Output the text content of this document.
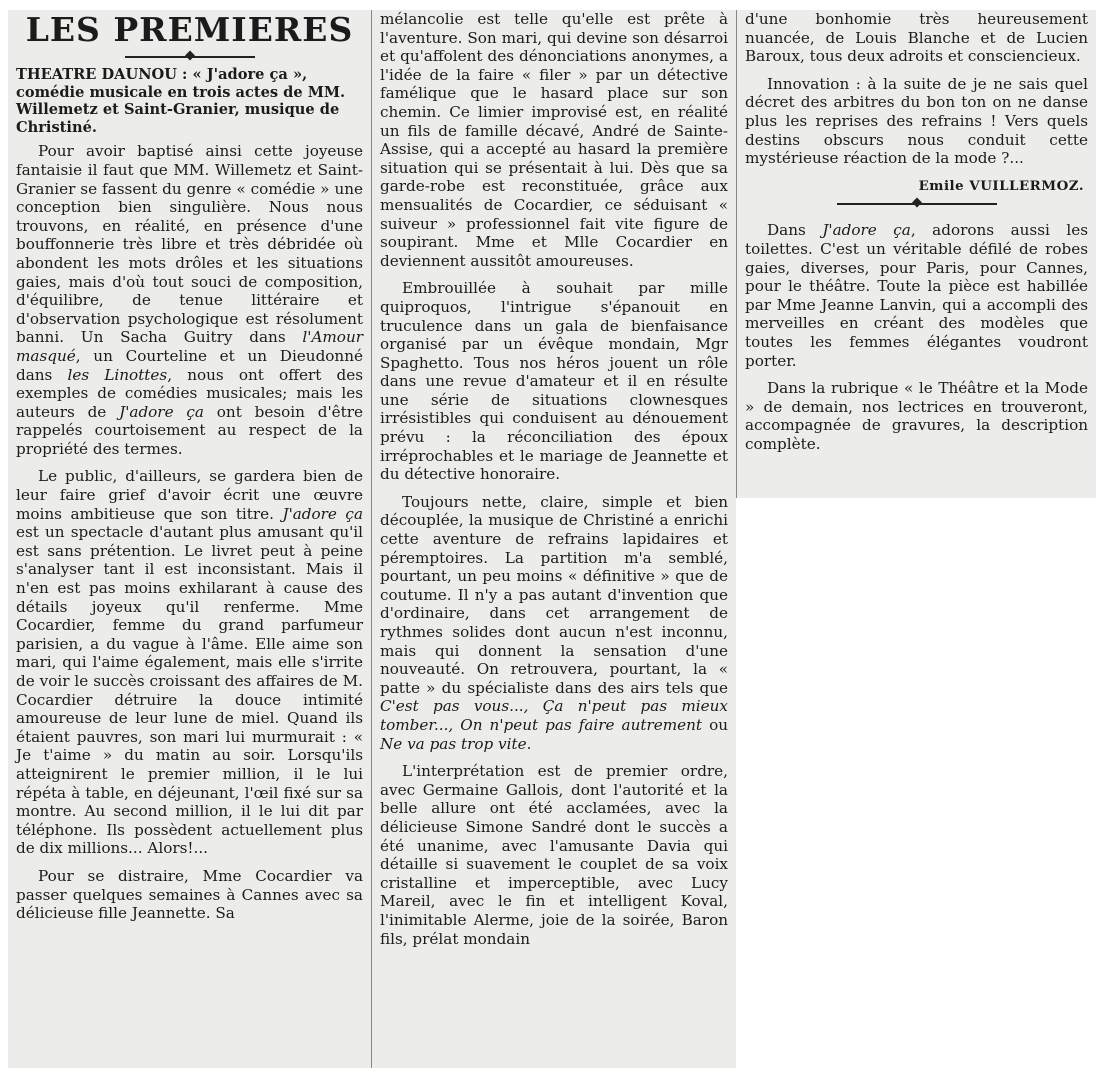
LES PREMIERES
THEATRE DAUNOU : « J'adore ça », comédie musicale en trois actes de MM. Willemetz et Saint-Granier, musique de Christiné.

Pour avoir baptisé ainsi cette joyeuse fantaisie il faut que MM. Willemetz et Saint-Granier se fassent du genre « comédie » une conception bien singulière. Nous nous trouvons, en réalité, en présence d'une bouffonnerie très libre et très débridée où abondent les mots drôles et les situations gaies, mais d'où tout souci de composition, d'équilibre, de tenue littéraire et d'observation psychologique est résolument banni. Un Sacha Guitry dans l'Amour masqué, un Courteline et un Dieudonné dans les Linottes, nous ont offert des exemples de comédies musicales; mais les auteurs de J'adore ça ont besoin d'être rappelés courtoisement au respect de la propriété des termes.

Le public, d'ailleurs, se gardera bien de leur faire grief d'avoir écrit une œuvre moins ambitieuse que son titre. J'adore ça est un spectacle d'autant plus amusant qu'il est sans prétention. Le livret peut à peine s'analyser tant il est inconsistant. Mais il n'en est pas moins exhilarant à cause des détails joyeux qu'il renferme. Mme Cocardier, femme du grand parfumeur parisien, a du vague à l'âme. Elle aime son mari, qui l'aime également, mais elle s'irrite de voir le succès croissant des affaires de M. Cocardier détruire la douce intimité amoureuse de leur lune de miel. Quand ils étaient pauvres, son mari lui murmurait : « Je t'aime » du matin au soir. Lorsqu'ils atteignirent le premier million, il le lui répéta à table, en déjeunant, l'œil fixé sur sa montre. Au second million, il le lui dit par téléphone. Ils possèdent actuellement plus de dix millions... Alors!...

Pour se distraire, Mme Cocardier va passer quelques semaines à Cannes avec sa délicieuse fille Jeannette. Sa

mélancolie est telle qu'elle est prête à l'aventure. Son mari, qui devine son désarroi et qu'affolent des dénonciations anonymes, a l'idée de la faire « filer » par un détective famélique que le hasard place sur son chemin. Ce limier improvisé est, en réalité un fils de famille décavé, André de Sainte-Assise, qui a accepté au hasard la première situation qui se présentait à lui. Dès que sa garde-robe est reconstituée, grâce aux mensualités de Cocardier, ce séduisant « suiveur » professionnel fait vite figure de soupirant. Mme et Mlle Cocardier en deviennent aussitôt amoureuses.

Embrouillée à souhait par mille quiproquos, l'intrigue s'épanouit en truculence dans un gala de bienfaisance organisé par un évêque mondain, Mgr Spaghetto. Tous nos héros jouent un rôle dans une revue d'amateur et il en résulte une série de situations clownesques irrésistibles qui conduisent au dénouement prévu : la réconciliation des époux irréprochables et le mariage de Jeannette et du détective honoraire.

Toujours nette, claire, simple et bien découplée, la musique de Christiné a enrichi cette aventure de refrains lapidaires et péremptoires. La partition m'a semblé, pourtant, un peu moins « définitive » que de coutume. Il n'y a pas autant d'invention que d'ordinaire, dans cet arrangement de rythmes solides dont aucun n'est inconnu, mais qui donnent la sensation d'une nouveauté. On retrouvera, pourtant, la « patte » du spécialiste dans des airs tels que C'est pas vous..., Ça n'peut pas mieux tomber..., On n'peut pas faire autrement ou Ne va pas trop vite.

L'interprétation est de premier ordre, avec Germaine Gallois, dont l'autorité et la belle allure ont été acclamées, avec la délicieuse Simone Sandré dont le succès a été unanime, avec l'amusante Davia qui détaille si suavement le couplet de sa voix cristalline et imperceptible, avec Lucy Mareil, avec le fin et intelligent Koval, l'inimitable Alerme, joie de la soirée, Baron fils, prélat mondain

d'une bonhomie très heureusement nuancée, de Louis Blanche et de Lucien Baroux, tous deux adroits et consciencieux.

Innovation : à la suite de je ne sais quel décret des arbitres du bon ton on ne danse plus les reprises des refrains ! Vers quels destins obscurs nous conduit cette mystérieuse réaction de la mode ?...

Emile VUILLERMOZ.

Dans J'adore ça, adorons aussi les toilettes. C'est un véritable défilé de robes gaies, diverses, pour Paris, pour Cannes, pour le théâtre. Toute la pièce est habillée par Mme Jeanne Lanvin, qui a accompli des merveilles en créant des modèles que toutes les femmes élégantes voudront porter.

Dans la rubrique « le Théâtre et la Mode » de demain, nos lectrices en trouveront, accompagnée de gravures, la description complète.
